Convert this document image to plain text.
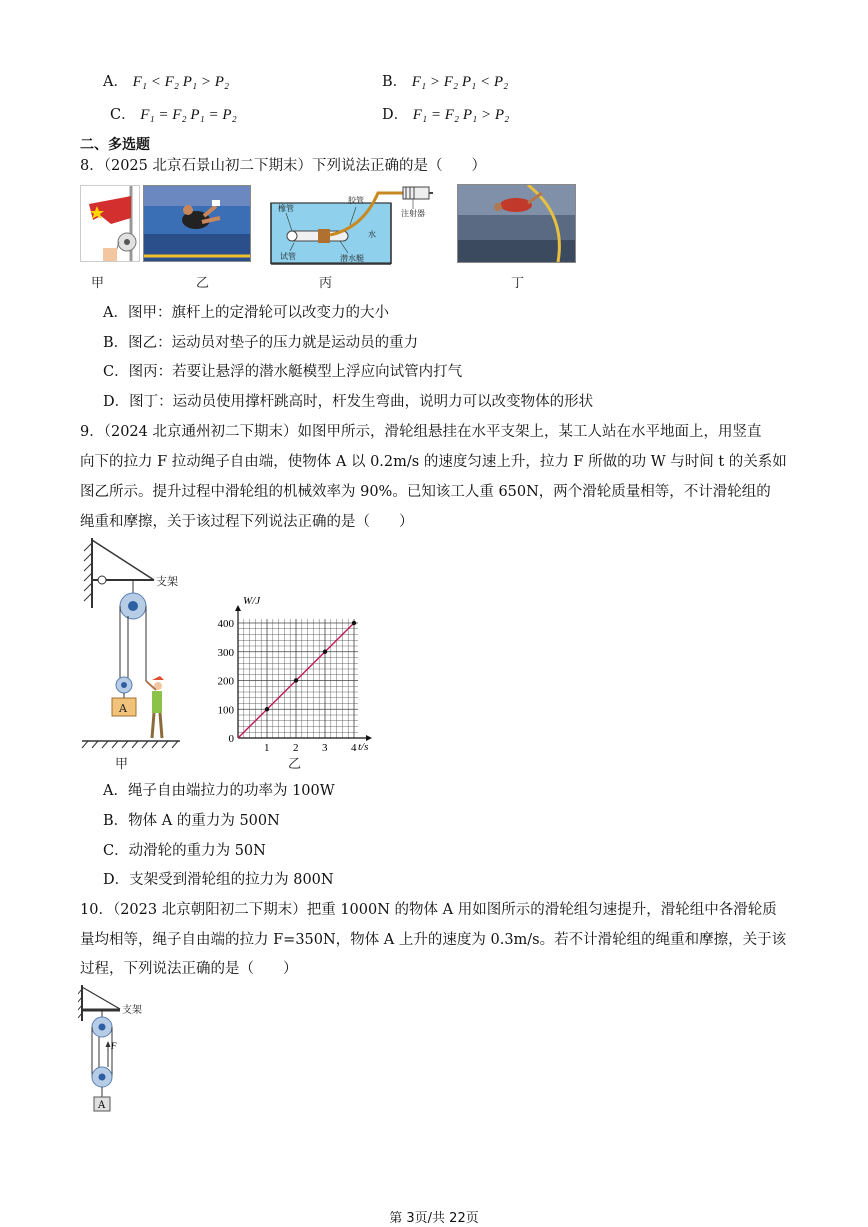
A． F₁ < F₂ P₁ > P₂	B． F₁ > F₂ P₁ < P₂
C． F₁ = F₂ P₁ = P₂	D． F₁ = F₂ P₁ > P₂
二、多选题
8．（2025 北京石景山初二下期末）下列说法正确的是（　　）
甲	乙
橡管
胶管
注射器
水
试管	潜水艇
丙	丁
A．图甲：旗杆上的定滑轮可以改变力的大小
B．图乙：运动员对垫子的压力就是运动员的重力
C．图丙：若要让悬浮的潜水艇模型上浮应向试管内打气
D．图丁：运动员使用撑杆跳高时，杆发生弯曲，说明力可以改变物体的形状
9．（2024 北京通州初二下期末）如图甲所示，滑轮组悬挂在水平支架上，某工人站在水平地面上，用竖直
向下的拉力 F 拉动绳子自由端，使物体 A 以 0.2m/s 的速度匀速上升，拉力 F 所做的功 W 与时间 t 的关系如
图乙所示。提升过程中滑轮组的机械效率为 90%。已知该工人重 650N，两个滑轮质量相等，不计滑轮组的
绳重和摩擦，关于该过程下列说法正确的是（　　）
支架
A
甲
1 2 3 4
0
100
200
300
400
W/J
t/s
乙
A．绳子自由端拉力的功率为 100W
B．物体 A 的重力为 500N
C．动滑轮的重力为 50N
D．支架受到滑轮组的拉力为 800N
10．（2023 北京朝阳初二下期末）把重 1000N 的物体 A 用如图所示的滑轮组匀速提升，滑轮组中各滑轮质
量均相等，绳子自由端的拉力 F=350N，物体 A 上升的速度为 0.3m/s。若不计滑轮组的绳重和摩擦，关于该
过程，下列说法正确的是（　　）
支架
F
A
第 3页/共 22页
